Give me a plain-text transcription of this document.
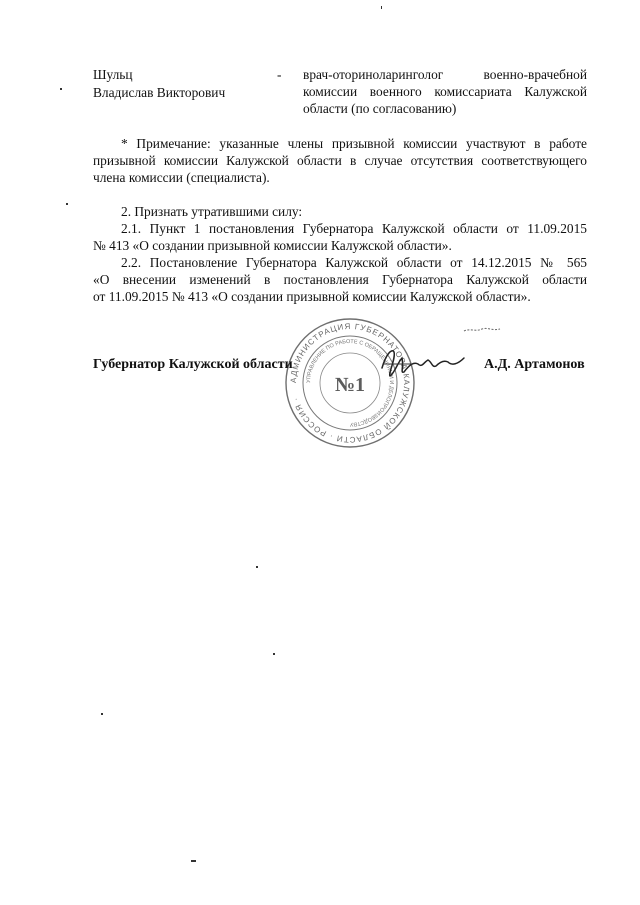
Шульц
Владислав Викторович
- врач-оториноларинголог военно-врачебной
комиссии военного комиссариата Калужской
области (по согласованию)
* Примечание: указанные члены призывной комиссии участвуют в работе
призывной комиссии Калужской области в случае отсутствия соответствующего
члена комиссии (специалиста).
2. Признать утратившими силу:
2.1. Пункт 1 постановления Губернатора Калужской области от 11.09.2015
№ 413 «О создании призывной комиссии Калужской области».
2.2. Постановление Губернатора Калужской области от 14.12.2015 № 565
«О внесении изменений в постановления Губернатора Калужской области
от 11.09.2015 № 413 «О создании призывной комиссии Калужской области».
АДМИНИСТРАЦИЯ ГУБЕРНАТОРА КАЛУЖСКОЙ ОБЛАСТИ · РОССИЯ ·
УПРАВЛЕНИЕ ПО РАБОТЕ С ОБРАЩЕНИЯМИ И ДЕЛОПРОИЗВОДСТВУ
№1
Губернатор Калужской области	А.Д. Артамонов
